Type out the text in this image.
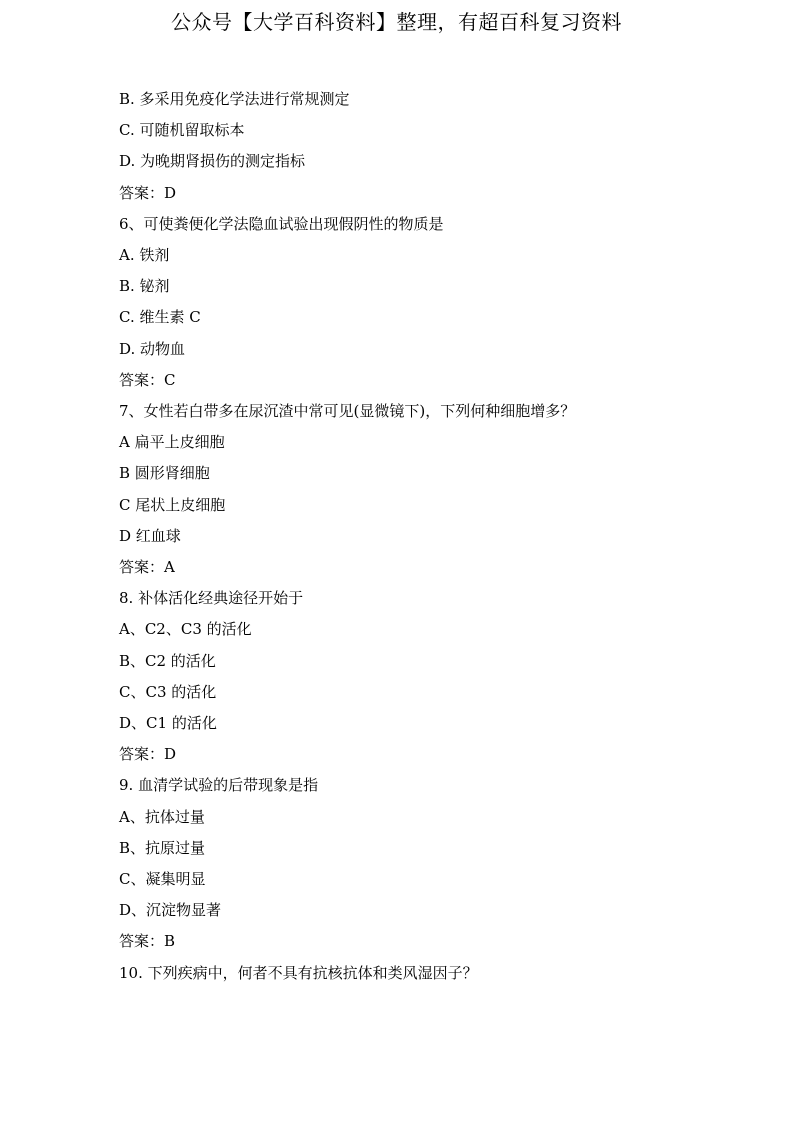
公众号【大学百科资料】整理，有超百科复习资料
B. 多采用免疫化学法进行常规测定
C. 可随机留取标本
D. 为晚期肾损伤的测定指标
答案：D
6、可使粪便化学法隐血试验出现假阴性的物质是
A. 铁剂
B. 铋剂
C. 维生素 C
D. 动物血
答案：C
7、女性若白带多在尿沉渣中常可见(显微镜下)，下列何种细胞增多？
A 扁平上皮细胞
B 圆形肾细胞
C 尾状上皮细胞
D 红血球
答案：A
8. 补体活化经典途径开始于
A、C2、C3 的活化
B、C2 的活化
C、C3 的活化
D、C1 的活化
答案：D
9. 血清学试验的后带现象是指
A、抗体过量
B、抗原过量
C、凝集明显
D、沉淀物显著
答案：B
10. 下列疾病中，何者不具有抗核抗体和类风湿因子？
